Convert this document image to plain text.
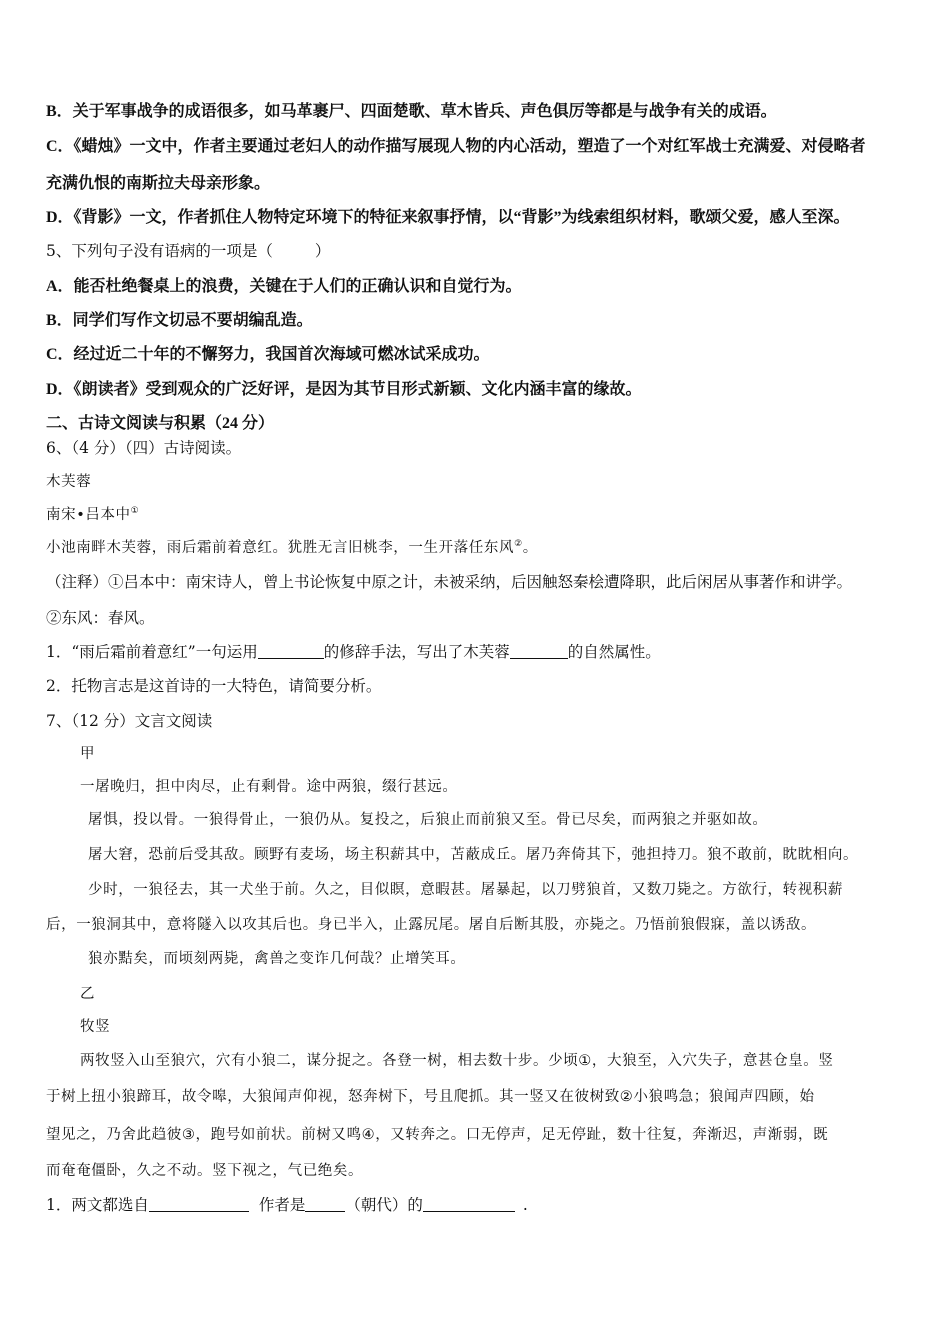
B．关于军事战争的成语很多，如马革裹尸、四面楚歌、草木皆兵、声色俱厉等都是与战争有关的成语。
C．《蜡烛》一文中，作者主要通过老妇人的动作描写展现人物的内心活动，塑造了一个对红军战士充满爱、对侵略者
充满仇恨的南斯拉夫母亲形象。
D．《背影》一文，作者抓住人物特定环境下的特征来叙事抒情，以“背影”为线索组织材料，歌颂父爱，感人至深。
5、下列句子没有语病的一项是（	）
A．能否杜绝餐桌上的浪费，关键在于人们的正确认识和自觉行为。
B．同学们写作文切忌不要胡编乱造。
C．经过近二十年的不懈努力，我国首次海域可燃冰试采成功。
D．《朗读者》受到观众的广泛好评，是因为其节目形式新颖、文化内涵丰富的缘故。
二、古诗文阅读与积累（24 分）
6、（4 分）（四）古诗阅读。
木芙蓉
南宋•吕本中①
小池南畔木芙蓉，雨后霜前着意红。犹胜无言旧桃李，一生开落任东风②。
（注释）①吕本中：南宋诗人，曾上书论恢复中原之计，未被采纳，后因触怒秦桧遭降职，此后闲居从事著作和讲学。
②东风：春风。
1．“雨后霜前着意红”一句运用	的修辞手法，写出了木芙蓉	的自然属性。
2．托物言志是这首诗的一大特色，请简要分析。
7、（12 分）文言文阅读
甲
一屠晚归，担中肉尽，止有剩骨。途中两狼，缀行甚远。
屠惧，投以骨。一狼得骨止，一狼仍从。复投之，后狼止而前狼又至。骨已尽矣，而两狼之并驱如故。
屠大窘，恐前后受其敌。顾野有麦场，场主积薪其中，苫蔽成丘。屠乃奔倚其下，弛担持刀。狼不敢前，眈眈相向。
少时，一狼径去，其一犬坐于前。久之，目似瞑，意暇甚。屠暴起，以刀劈狼首，又数刀毙之。方欲行，转视积薪
后，一狼洞其中，意将隧入以攻其后也。身已半入，止露尻尾。屠自后断其股，亦毙之。乃悟前狼假寐，盖以诱敌。
狼亦黠矣，而顷刻两毙，禽兽之变诈几何哉？止增笑耳。
乙
牧竖
两牧竖入山至狼穴，穴有小狼二，谋分捉之。各登一树，相去数十步。少顷①，大狼至，入穴失子，意甚仓皇。竖
于树上扭小狼蹄耳，故令嗥，大狼闻声仰视，怒奔树下，号且爬抓。其一竖又在彼树致②小狼鸣急；狼闻声四顾，始
望见之，乃舍此趋彼③，跑号如前状。前树又鸣④，又转奔之。口无停声，足无停趾，数十往复，奔渐迟，声渐弱，既
而奄奄僵卧，久之不动。竖下视之，气已绝矣。
1．两文都选自	作者是	（朝代）的	.
